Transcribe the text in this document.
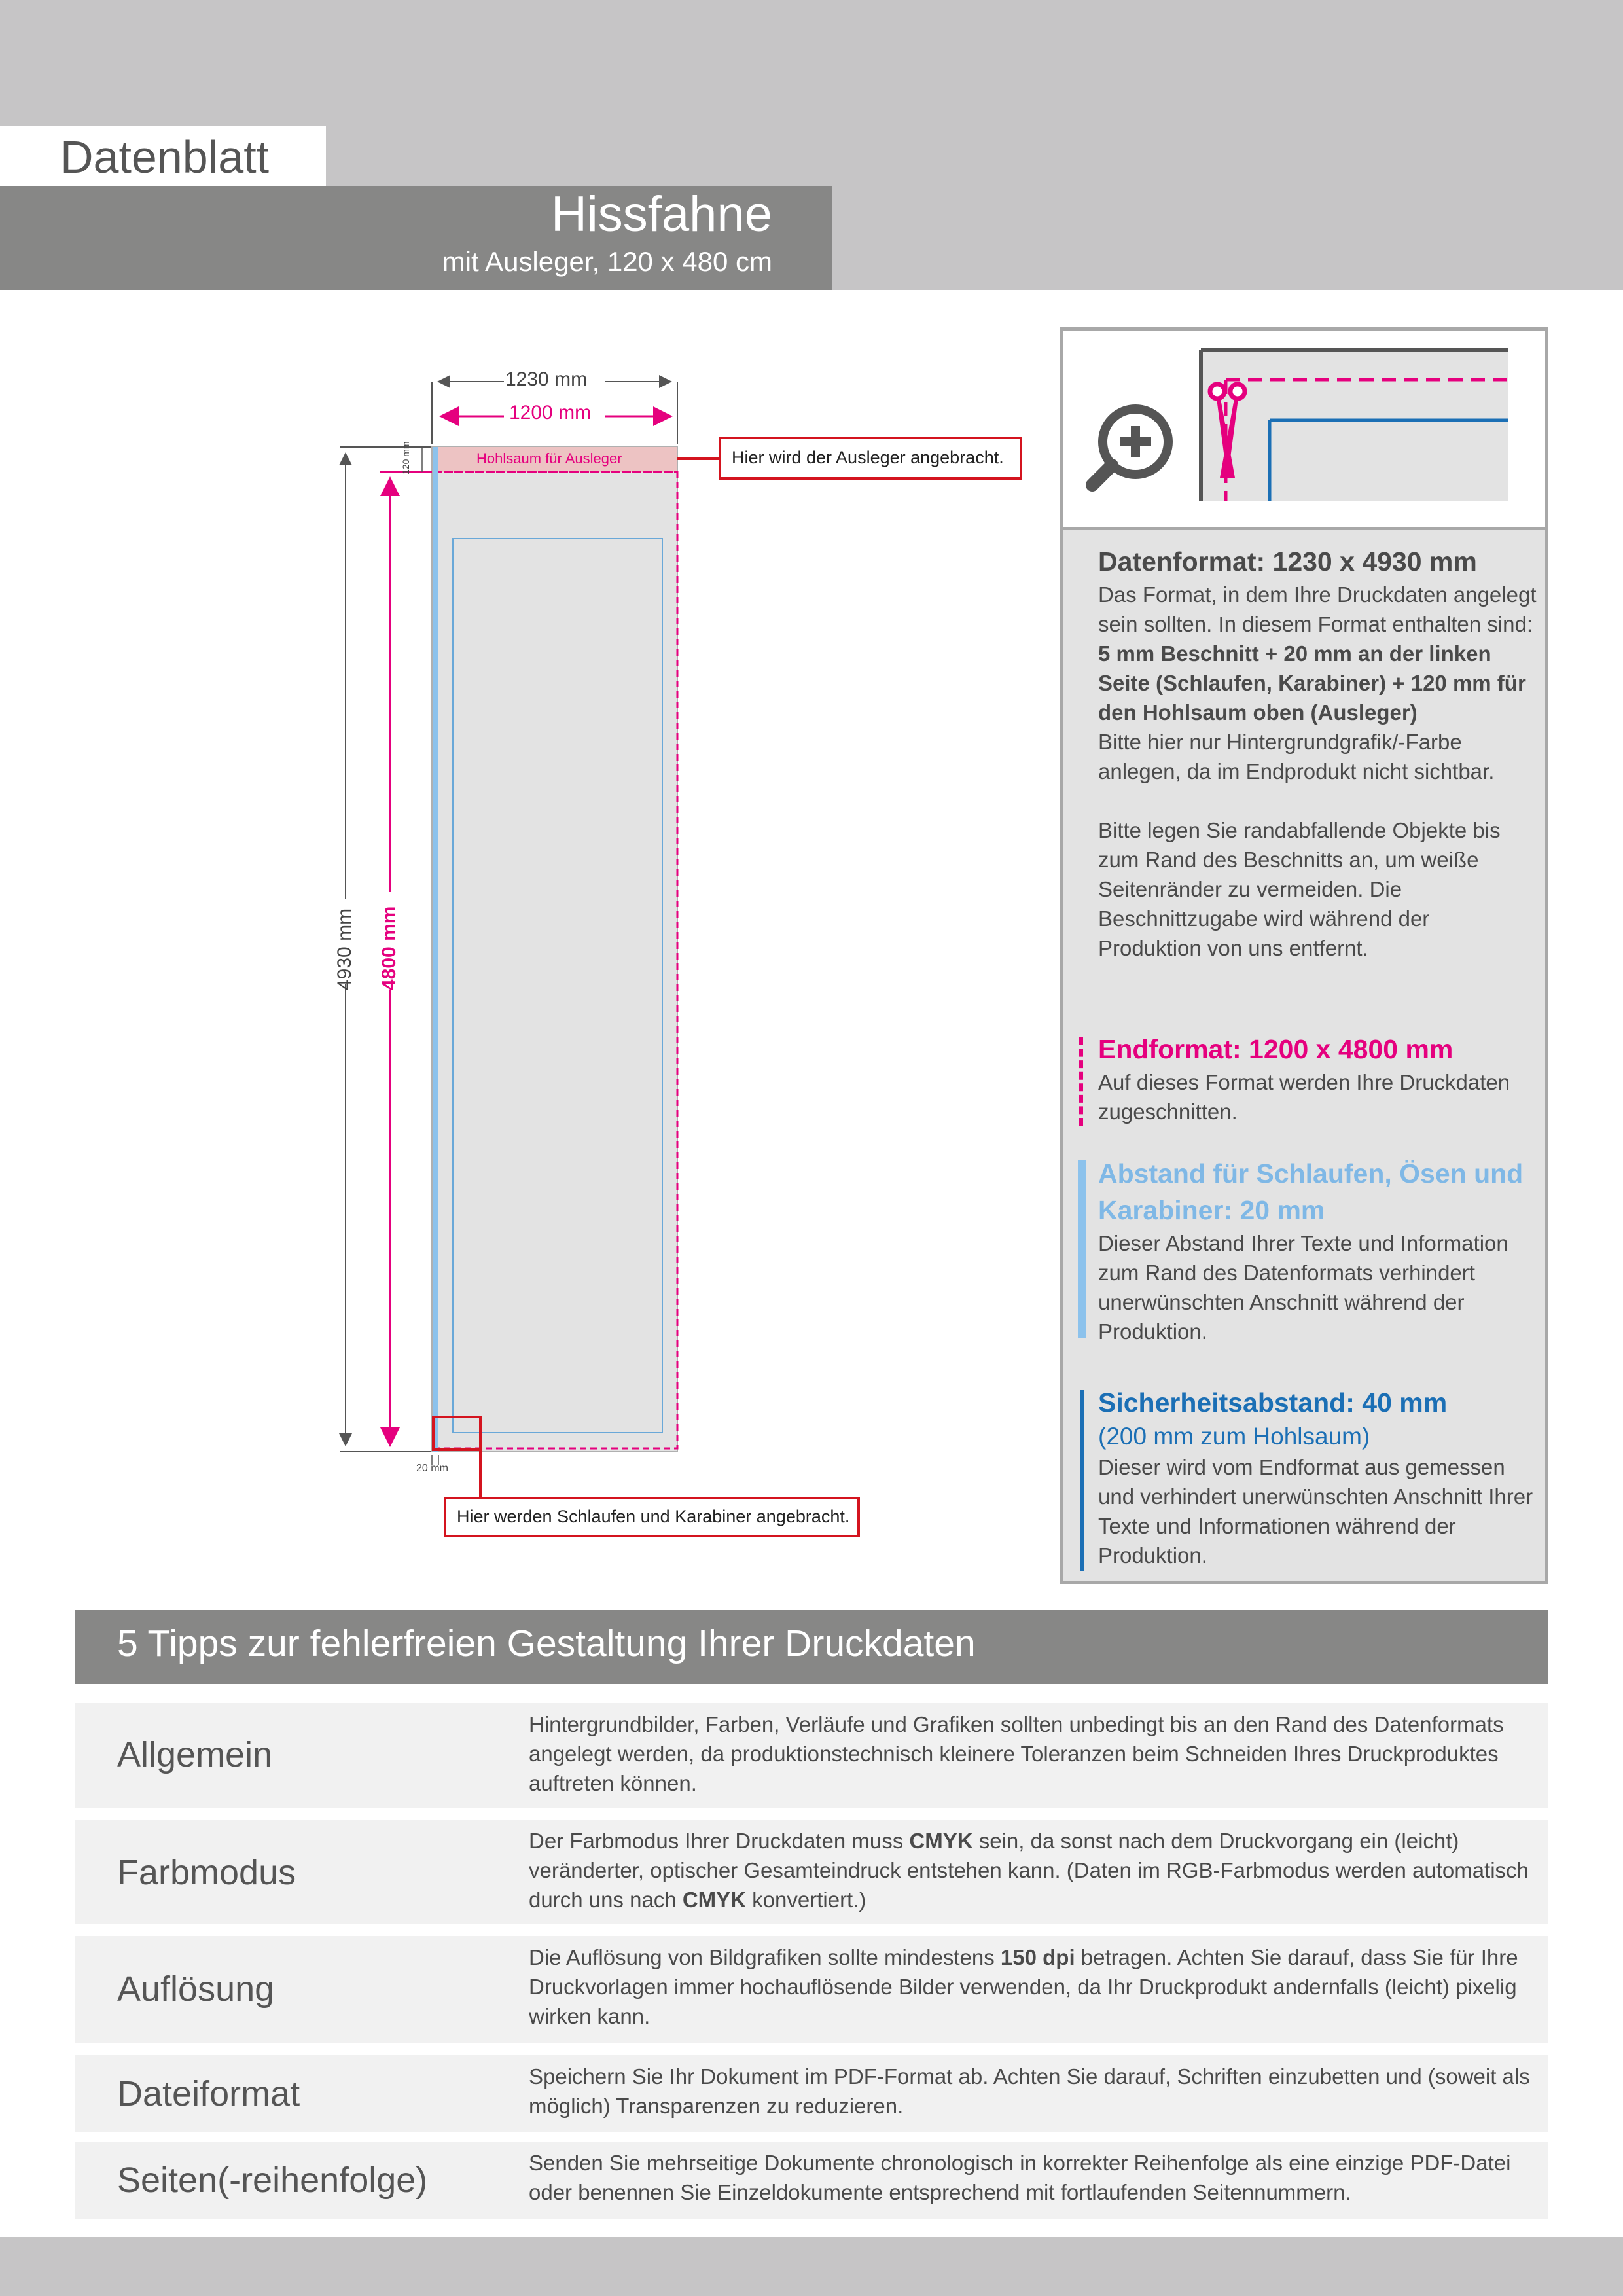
Datenblatt
Hissfahne
mit Ausleger, 120 x 480 cm
1230 mm
1200 mm
Hohlsaum für Ausleger
120 mm
4930 mm 4800 mm
20 mm
Hier wird der Ausleger angebracht.
Hier werden Schlaufen und Karabiner angebracht.
Datenformat: 1230 x 4930 mm
Das Format, in dem Ihre Druckdaten angelegt sein sollten. In diesem Format enthalten sind: 5 mm Beschnitt + 20 mm an der linken Seite (Schlaufen, Karabiner) + 120 mm für den Hohlsaum oben (Ausleger)
Bitte hier nur Hintergrundgrafik/-Farbe anlegen, da im Endprodukt nicht sichtbar.

Bitte legen Sie randabfallende Objekte bis zum Rand des Beschnitts an, um weiße Seitenränder zu vermeiden. Die Beschnittzugabe wird während der Produktion von uns entfernt.
Endformat: 1200 x 4800 mm
Auf dieses Format werden Ihre Druckdaten zugeschnitten.
Abstand für Schlaufen, Ösen und Karabiner: 20 mm
Dieser Abstand Ihrer Texte und Information zum Rand des Datenformats verhindert unerwünschten Anschnitt während der Produktion.
Sicherheitsabstand: 40 mm
(200 mm zum Hohlsaum)
Dieser wird vom Endformat aus gemessen und verhindert unerwünschten Anschnitt Ihrer Texte und Informationen während der Produktion.
5 Tipps zur fehlerfreien Gestaltung Ihrer Druckdaten
Allgemein
Hintergrundbilder, Farben, Verläufe und Grafiken sollten unbedingt bis an den Rand des Datenformats angelegt werden, da produktionstechnisch kleinere Toleranzen beim Schneiden Ihres Druckproduktes auftreten können.
Farbmodus
Der Farbmodus Ihrer Druckdaten muss CMYK sein, da sonst nach dem Druckvorgang ein (leicht) veränderter, optischer Gesamteindruck entstehen kann. (Daten im RGB-Farbmodus werden automatisch durch uns nach CMYK konvertiert.)
Auflösung
Die Auflösung von Bildgrafiken sollte mindestens 150 dpi betragen. Achten Sie darauf, dass Sie für Ihre Druckvorlagen immer hochauflösende Bilder verwenden, da Ihr Druckprodukt andernfalls (leicht) pixelig wirken kann.
Dateiformat	Speichern Sie Ihr Dokument im PDF-Format ab. Achten Sie darauf, Schriften einzubetten und (soweit als möglich) Transparenzen zu reduzieren.
Seiten(-reihenfolge)	Senden Sie mehrseitige Dokumente chronologisch in korrekter Reihenfolge als eine einzige PDF-Datei oder benennen Sie Einzeldokumente entsprechend mit fortlaufenden Seitennummern.
